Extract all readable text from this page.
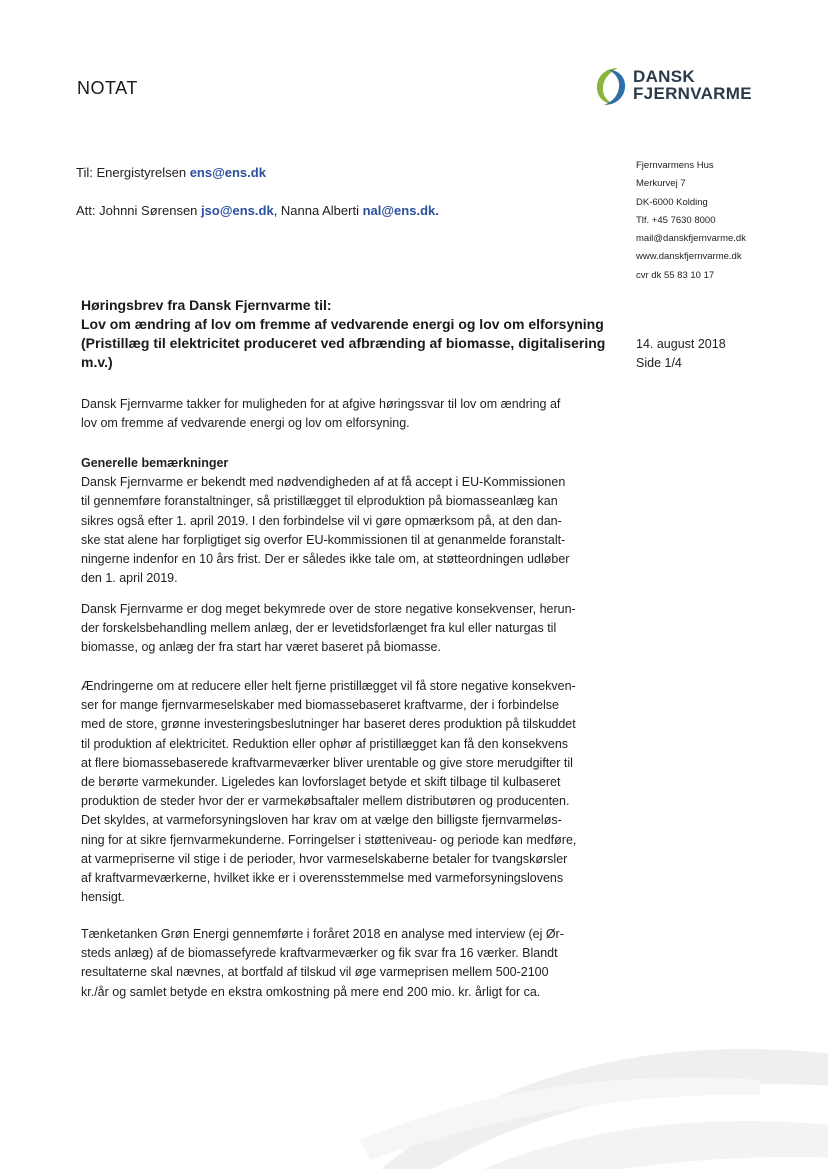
NOTAT
DANSK
FJERNVARME
Til: Energistyrelsen ens@ens.dk
Att: Johnni Sørensen jso@ens.dk, Nanna Alberti nal@ens.dk.
Fjernvarmens Hus
Merkurvej 7
DK-6000 Kolding
Tlf. +45 7630 8000
mail@danskfjernvarme.dk
www.danskfjernvarme.dk
cvr dk 55 83 10 17
Høringsbrev fra Dansk Fjernvarme til:
Lov om ændring af lov om fremme af vedvarende energi og lov om elforsyning
(Pristillæg til elektricitet produceret ved afbrænding af biomasse, digitalisering
m.v.)
14. august 2018
Side 1/4
Dansk Fjernvarme takker for muligheden for at afgive høringssvar til lov om ændring af
lov om fremme af vedvarende energi og lov om elforsyning.
Generelle bemærkninger
Dansk Fjernvarme er bekendt med nødvendigheden af at få accept i EU-Kommissionen
til gennemføre foranstaltninger, så pristillægget til elproduktion på biomasseanlæg kan
sikres også efter 1. april 2019. I den forbindelse vil vi gøre opmærksom på, at den dan-
ske stat alene har forpligtiget sig overfor EU-kommissionen til at genanmelde foranstalt-
ningerne indenfor en 10 års frist. Der er således ikke tale om, at støtteordningen udløber
den 1. april 2019.
Dansk Fjernvarme er dog meget bekymrede over de store negative konsekvenser, herun-
der forskelsbehandling mellem anlæg, der er levetidsforlænget fra kul eller naturgas til
biomasse, og anlæg der fra start har været baseret på biomasse.
Ændringerne om at reducere eller helt fjerne pristillægget vil få store negative konsekven-
ser for mange fjernvarmeselskaber med biomassebaseret kraftvarme, der i forbindelse
med de store, grønne investeringsbeslutninger har baseret deres produktion på tilskuddet
til produktion af elektricitet. Reduktion eller ophør af pristillægget kan få den konsekvens
at flere biomassebaserede kraftvarmeværker bliver urentable og give store merudgifter til
de berørte varmekunder. Ligeledes kan lovforslaget betyde et skift tilbage til kulbaseret
produktion de steder hvor der er varmekøbsaftaler mellem distributøren og producenten.
Det skyldes, at varmeforsyningsloven har krav om at vælge den billigste fjernvarmeløs-
ning for at sikre fjernvarmekunderne. Forringelser i støtteniveau- og periode kan medføre,
at varmepriserne vil stige i de perioder, hvor varmeselskaberne betaler for tvangskørsler
af kraftvarmeværkerne, hvilket ikke er i overensstemmelse med varmeforsyningslovens
hensigt.
Tænketanken Grøn Energi gennemførte i foråret 2018 en analyse med interview (ej Ør-
steds anlæg) af de biomassefyrede kraftvarmeværker og fik svar fra 16 værker. Blandt
resultaterne skal nævnes, at bortfald af tilskud vil øge varmeprisen mellem 500-2100
kr./år og samlet betyde en ekstra omkostning på mere end 200 mio. kr. årligt for ca.
